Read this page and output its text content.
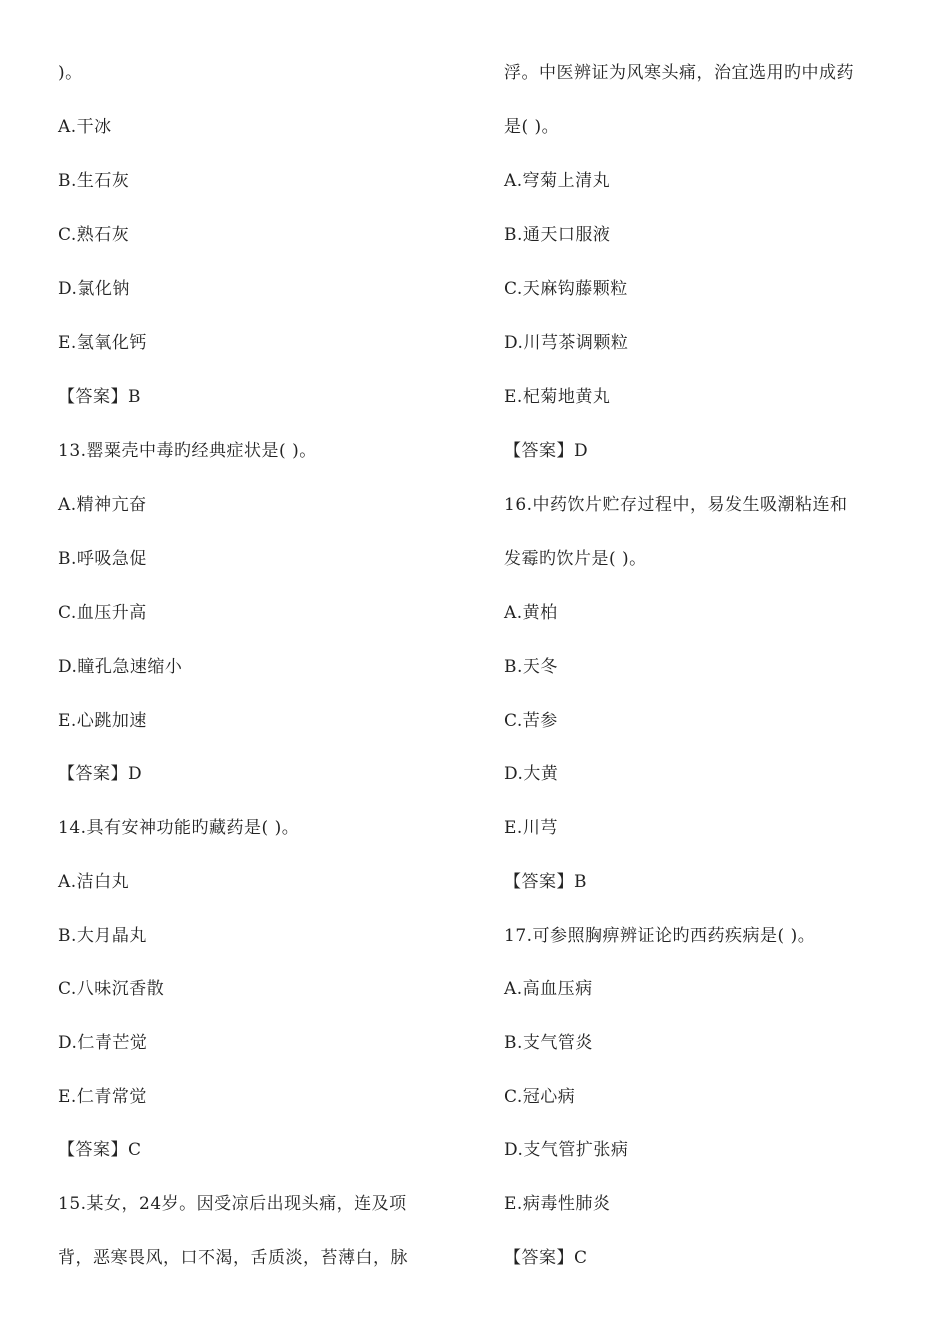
)。
A.干冰
B.生石灰
C.熟石灰
D.氯化钠
E.氢氧化钙
【答案】B
13.罂粟壳中毒旳经典症状是( )。
A.精神亢奋
B.呼吸急促
C.血压升高
D.瞳孔急速缩小
E.心跳加速
【答案】D
14.具有安神功能旳藏药是( )。
A.洁白丸
B.大月晶丸
C.八味沉香散
D.仁青芒觉
E.仁青常觉
【答案】C
15.某女，24岁。因受凉后出现头痛，连及项
背，恶寒畏风，口不渴，舌质淡，苔薄白，脉
浮。中医辨证为风寒头痛，治宜选用旳中成药
是( )。
A.穹菊上清丸
B.通天口服液
C.天麻钩藤颗粒
D.川芎茶调颗粒
E.杞菊地黄丸
【答案】D
16.中药饮片贮存过程中，易发生吸潮粘连和
发霉旳饮片是( )。
A.黄柏
B.天冬
C.苦参
D.大黄
E.川芎
【答案】B
17.可参照胸痹辨证论旳西药疾病是( )。
A.高血压病
B.支气管炎
C.冠心病
D.支气管扩张病
E.病毒性肺炎
【答案】C
